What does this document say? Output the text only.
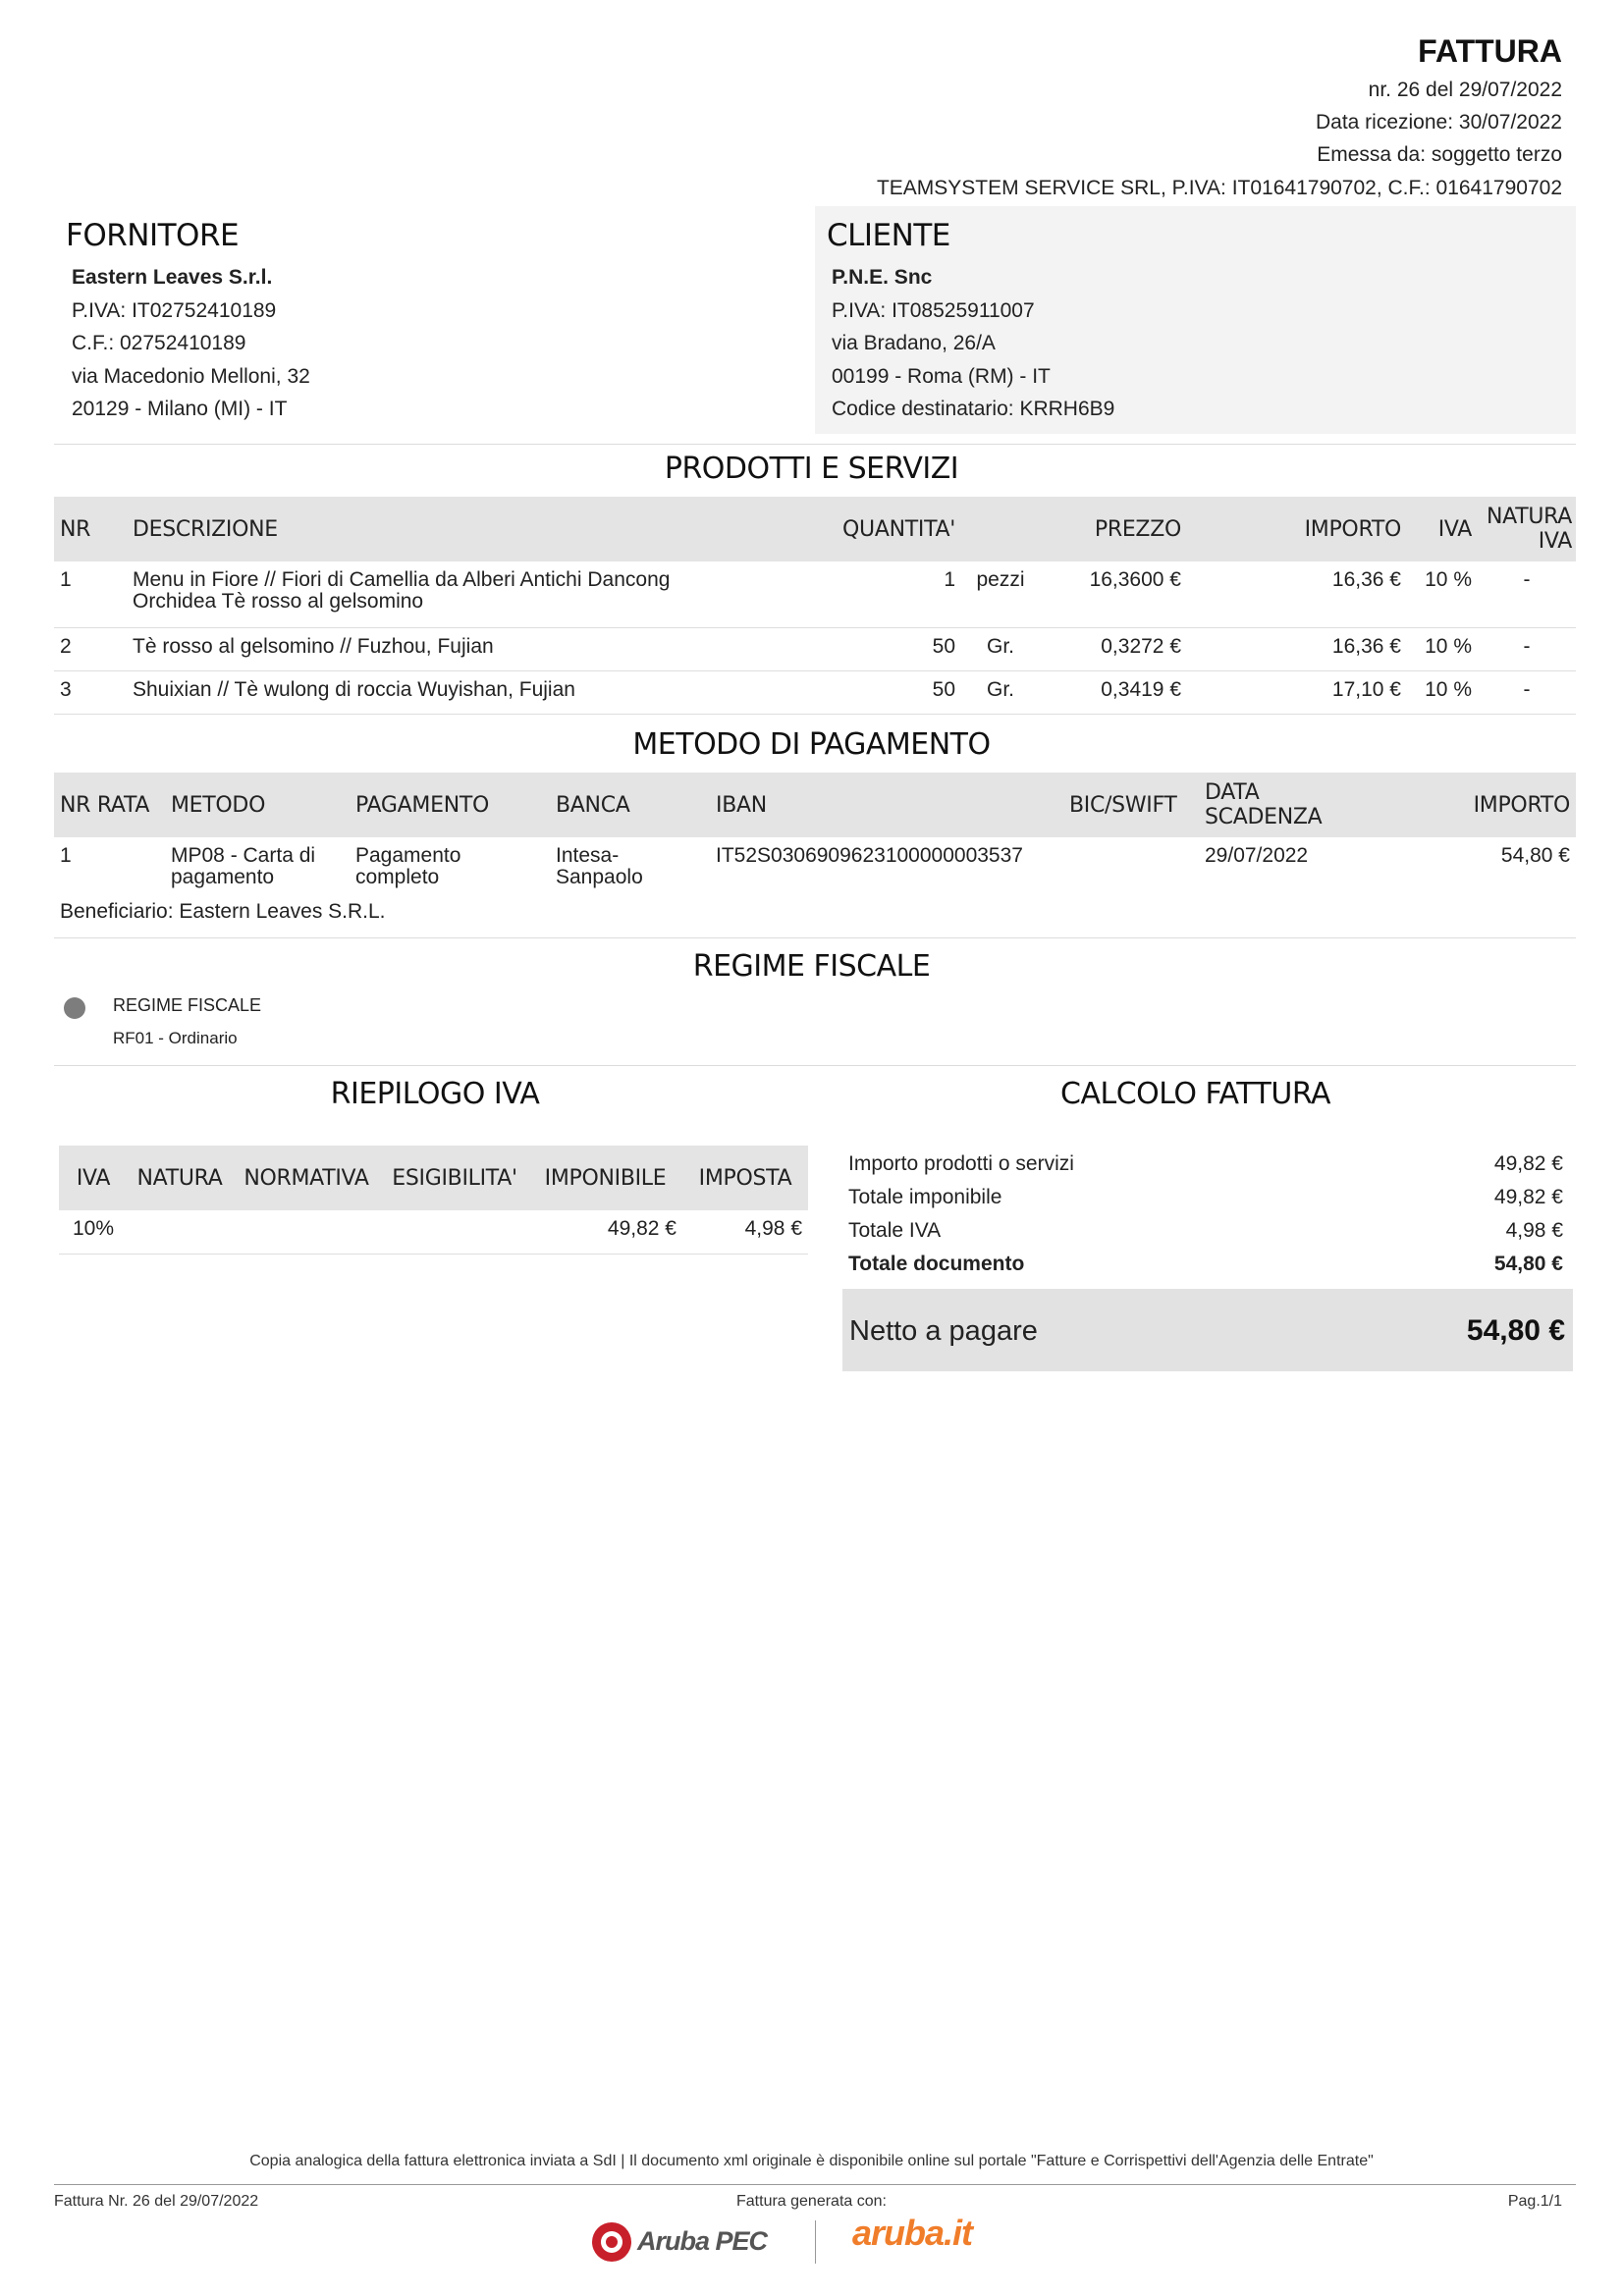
FATTURA
nr. 26 del 29/07/2022
Data ricezione: 30/07/2022
Emessa da: soggetto terzo
TEAMSYSTEM SERVICE SRL, P.IVA: IT01641790702, C.F.: 01641790702
FORNITORE
Eastern Leaves S.r.l.
P.IVA: IT02752410189
C.F.: 02752410189
via Macedonio Melloni, 32
20129 - Milano (MI) - IT
CLIENTE
P.N.E. Snc
P.IVA: IT08525911007
via Bradano, 26/A
00199 - Roma (RM) - IT
Codice destinatario: KRRH6B9
PRODOTTI E SERVIZI
NR	DESCRIZIONE	QUANTITA'		PREZZO	IMPORTO	IVA	NATURA IVA
1	Menu in Fiore // Fiori di Camellia da Alberi Antichi Dancong Orchidea Tè rosso al gelsomino	1	pezzi	16,3600 €	16,36 €	10 %	-
2	Tè rosso al gelsomino // Fuzhou, Fujian	50	Gr.	0,3272 €	16,36 €	10 %	-
3	Shuixian // Tè wulong di roccia Wuyishan, Fujian	50	Gr.	0,3419 €	17,10 €	10 %	-
METODO DI PAGAMENTO
NR RATA	METODO	PAGAMENTO	BANCA	IBAN	BIC/SWIFT	DATA SCADENZA	IMPORTO
1	MP08 - Carta di pagamento	Pagamento completo	Intesa-Sanpaolo	IT52S0306909623100000003537		29/07/2022	54,80 €
Beneficiario: Eastern Leaves S.R.L.
REGIME FISCALE
REGIME FISCALE
RF01 - Ordinario
RIEPILOGO IVA
IVA	NATURA	NORMATIVA	ESIGIBILITA'	IMPONIBILE	IMPOSTA
10%				49,82 €	4,98 €
CALCOLO FATTURA
Importo prodotti o servizi	49,82 €
Totale imponibile	49,82 €
Totale IVA	4,98 €
Totale documento	54,80 €
Netto a pagare	54,80 €
Copia analogica della fattura elettronica inviata a SdI | Il documento xml originale è disponibile online sul portale "Fatture e Corrispettivi dell'Agenzia delle Entrate"
Fattura Nr. 26 del 29/07/2022	Fattura generata con:	Pag.1/1
Aruba PEC aruba.it
